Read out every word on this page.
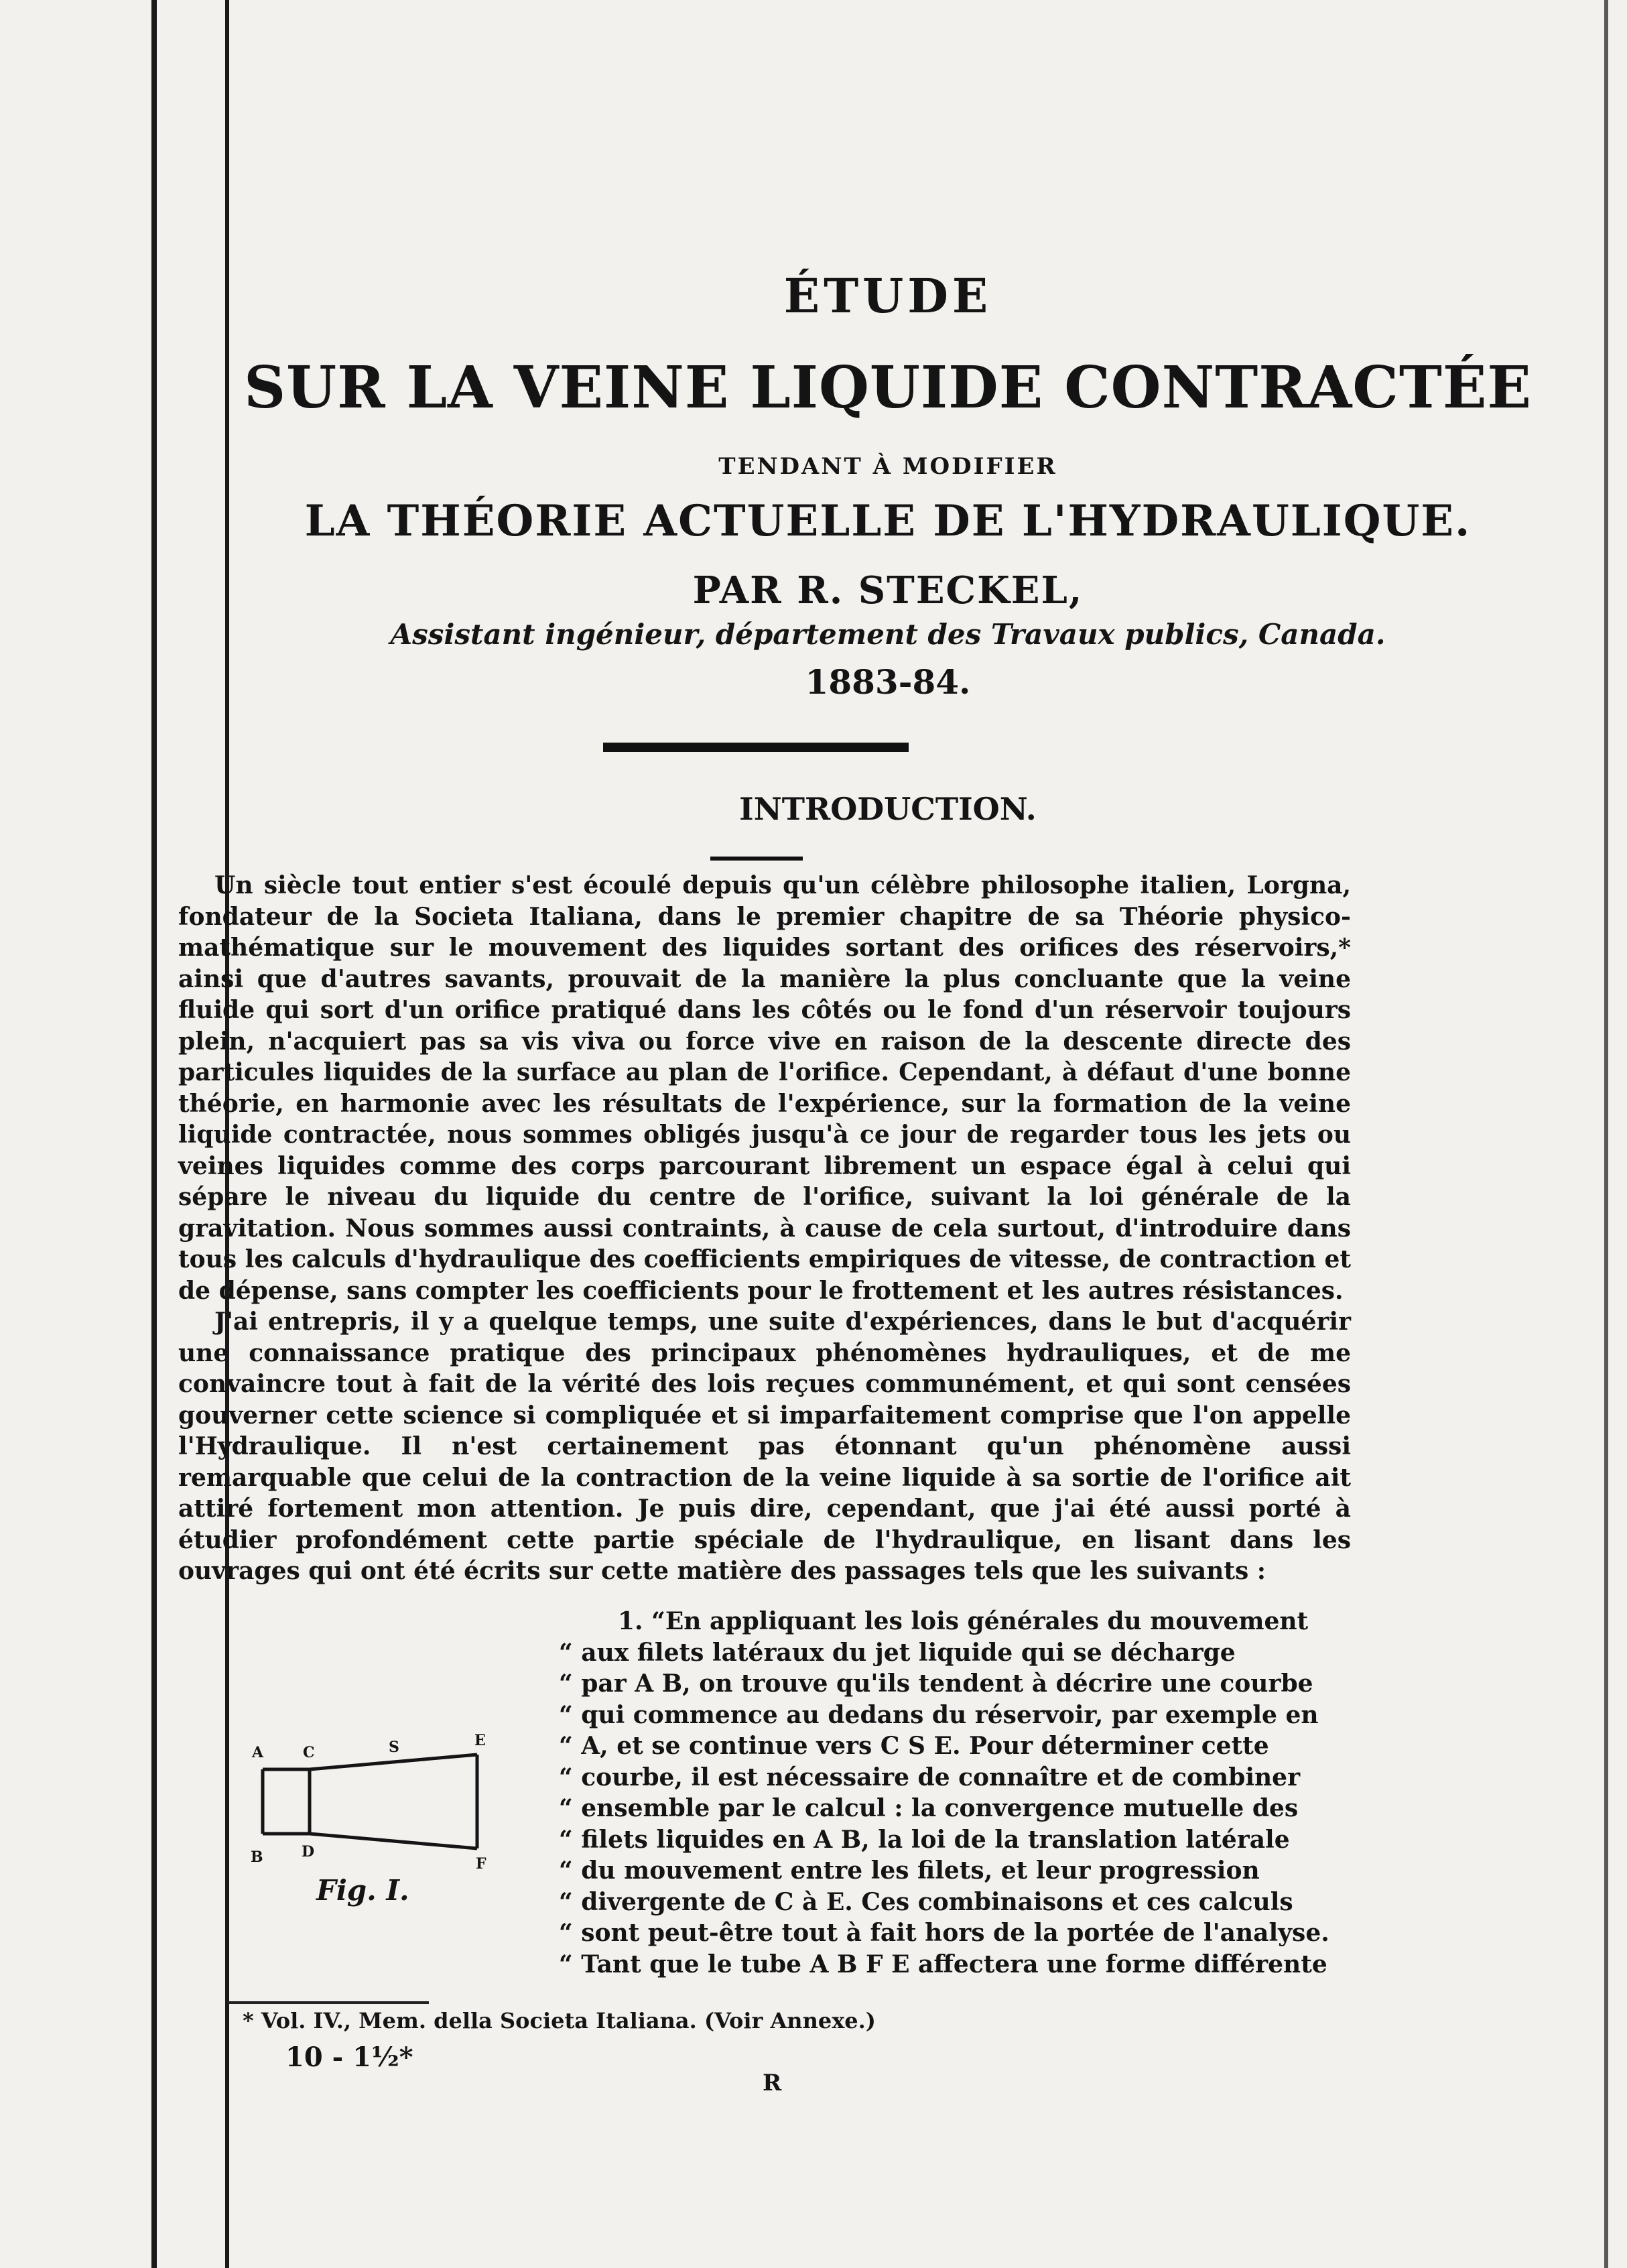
ÉTUDE
SUR LA VEINE LIQUIDE CONTRACTÉE
TENDANT À MODIFIER
LA THÉORIE ACTUELLE DE L'HYDRAULIQUE.
PAR R. STECKEL,
Assistant ingénieur, département des Travaux publics, Canada.
1883-84.
INTRODUCTION.

Un siècle tout entier s'est écoulé depuis qu'un célèbre philosophe italien, Lorgna, fondateur de la Societa Italiana, dans le premier chapitre de sa Théorie physico-mathématique sur le mouvement des liquides sortant des orifices des réservoirs,* ainsi que d'autres savants, prouvait de la manière la plus concluante que la veine fluide qui sort d'un orifice pratiqué dans les côtés ou le fond d'un réservoir toujours plein, n'acquiert pas sa vis viva ou force vive en raison de la descente directe des particules liquides de la surface au plan de l'orifice. Cependant, à défaut d'une bonne théorie, en harmonie avec les résultats de l'expérience, sur la formation de la veine liquide contractée, nous sommes obligés jusqu'à ce jour de regarder tous les jets ou veines liquides comme des corps parcourant librement un espace égal à celui qui sépare le niveau du liquide du centre de l'orifice, suivant la loi générale de la gravitation. Nous sommes aussi contraints, à cause de cela surtout, d'introduire dans tous les calculs d'hydraulique des coefficients empiriques de vitesse, de contraction et de dépense, sans compter les coefficients pour le frottement et les autres résistances.

J'ai entrepris, il y a quelque temps, une suite d'expériences, dans le but d'acquérir une connaissance pratique des principaux phénomènes hydrauliques, et de me convaincre tout à fait de la vérité des lois reçues communément, et qui sont censées gouverner cette science si compliquée et si imparfaitement comprise que l'on appelle l'Hydraulique. Il n'est certainement pas étonnant qu'un phénomène aussi remarquable que celui de la contraction de la veine liquide à sa sortie de l'orifice ait attiré fortement mon attention. Je puis dire, cependant, que j'ai été aussi porté à étudier profondément cette partie spéciale de l'hydraulique, en lisant dans les ouvrages qui ont été écrits sur cette matière des passages tels que les suivants :

1. “En appliquant les lois générales du mouvement
“ aux filets latéraux du jet liquide qui se décharge
“ par A B, on trouve qu'ils tendent à décrire une courbe
“ qui commence au dedans du réservoir, par exemple en
“ A, et se continue vers C S E. Pour déterminer cette
“ courbe, il est nécessaire de connaître et de combiner
“ ensemble par le calcul : la convergence mutuelle des
“ filets liquides en A B, la loi de la translation latérale
“ du mouvement entre les filets, et leur progression
“ divergente de C à E. Ces combinaisons et ces calculs
“ sont peut-être tout à fait hors de la portée de l'analyse.
“ Tant que le tube A B F E affectera une forme différente
A	C	S	E
B	D
F
Fig. I.
* Vol. IV., Mem. della Societa Italiana. (Voir Annexe.)
10 - 1½*
R
